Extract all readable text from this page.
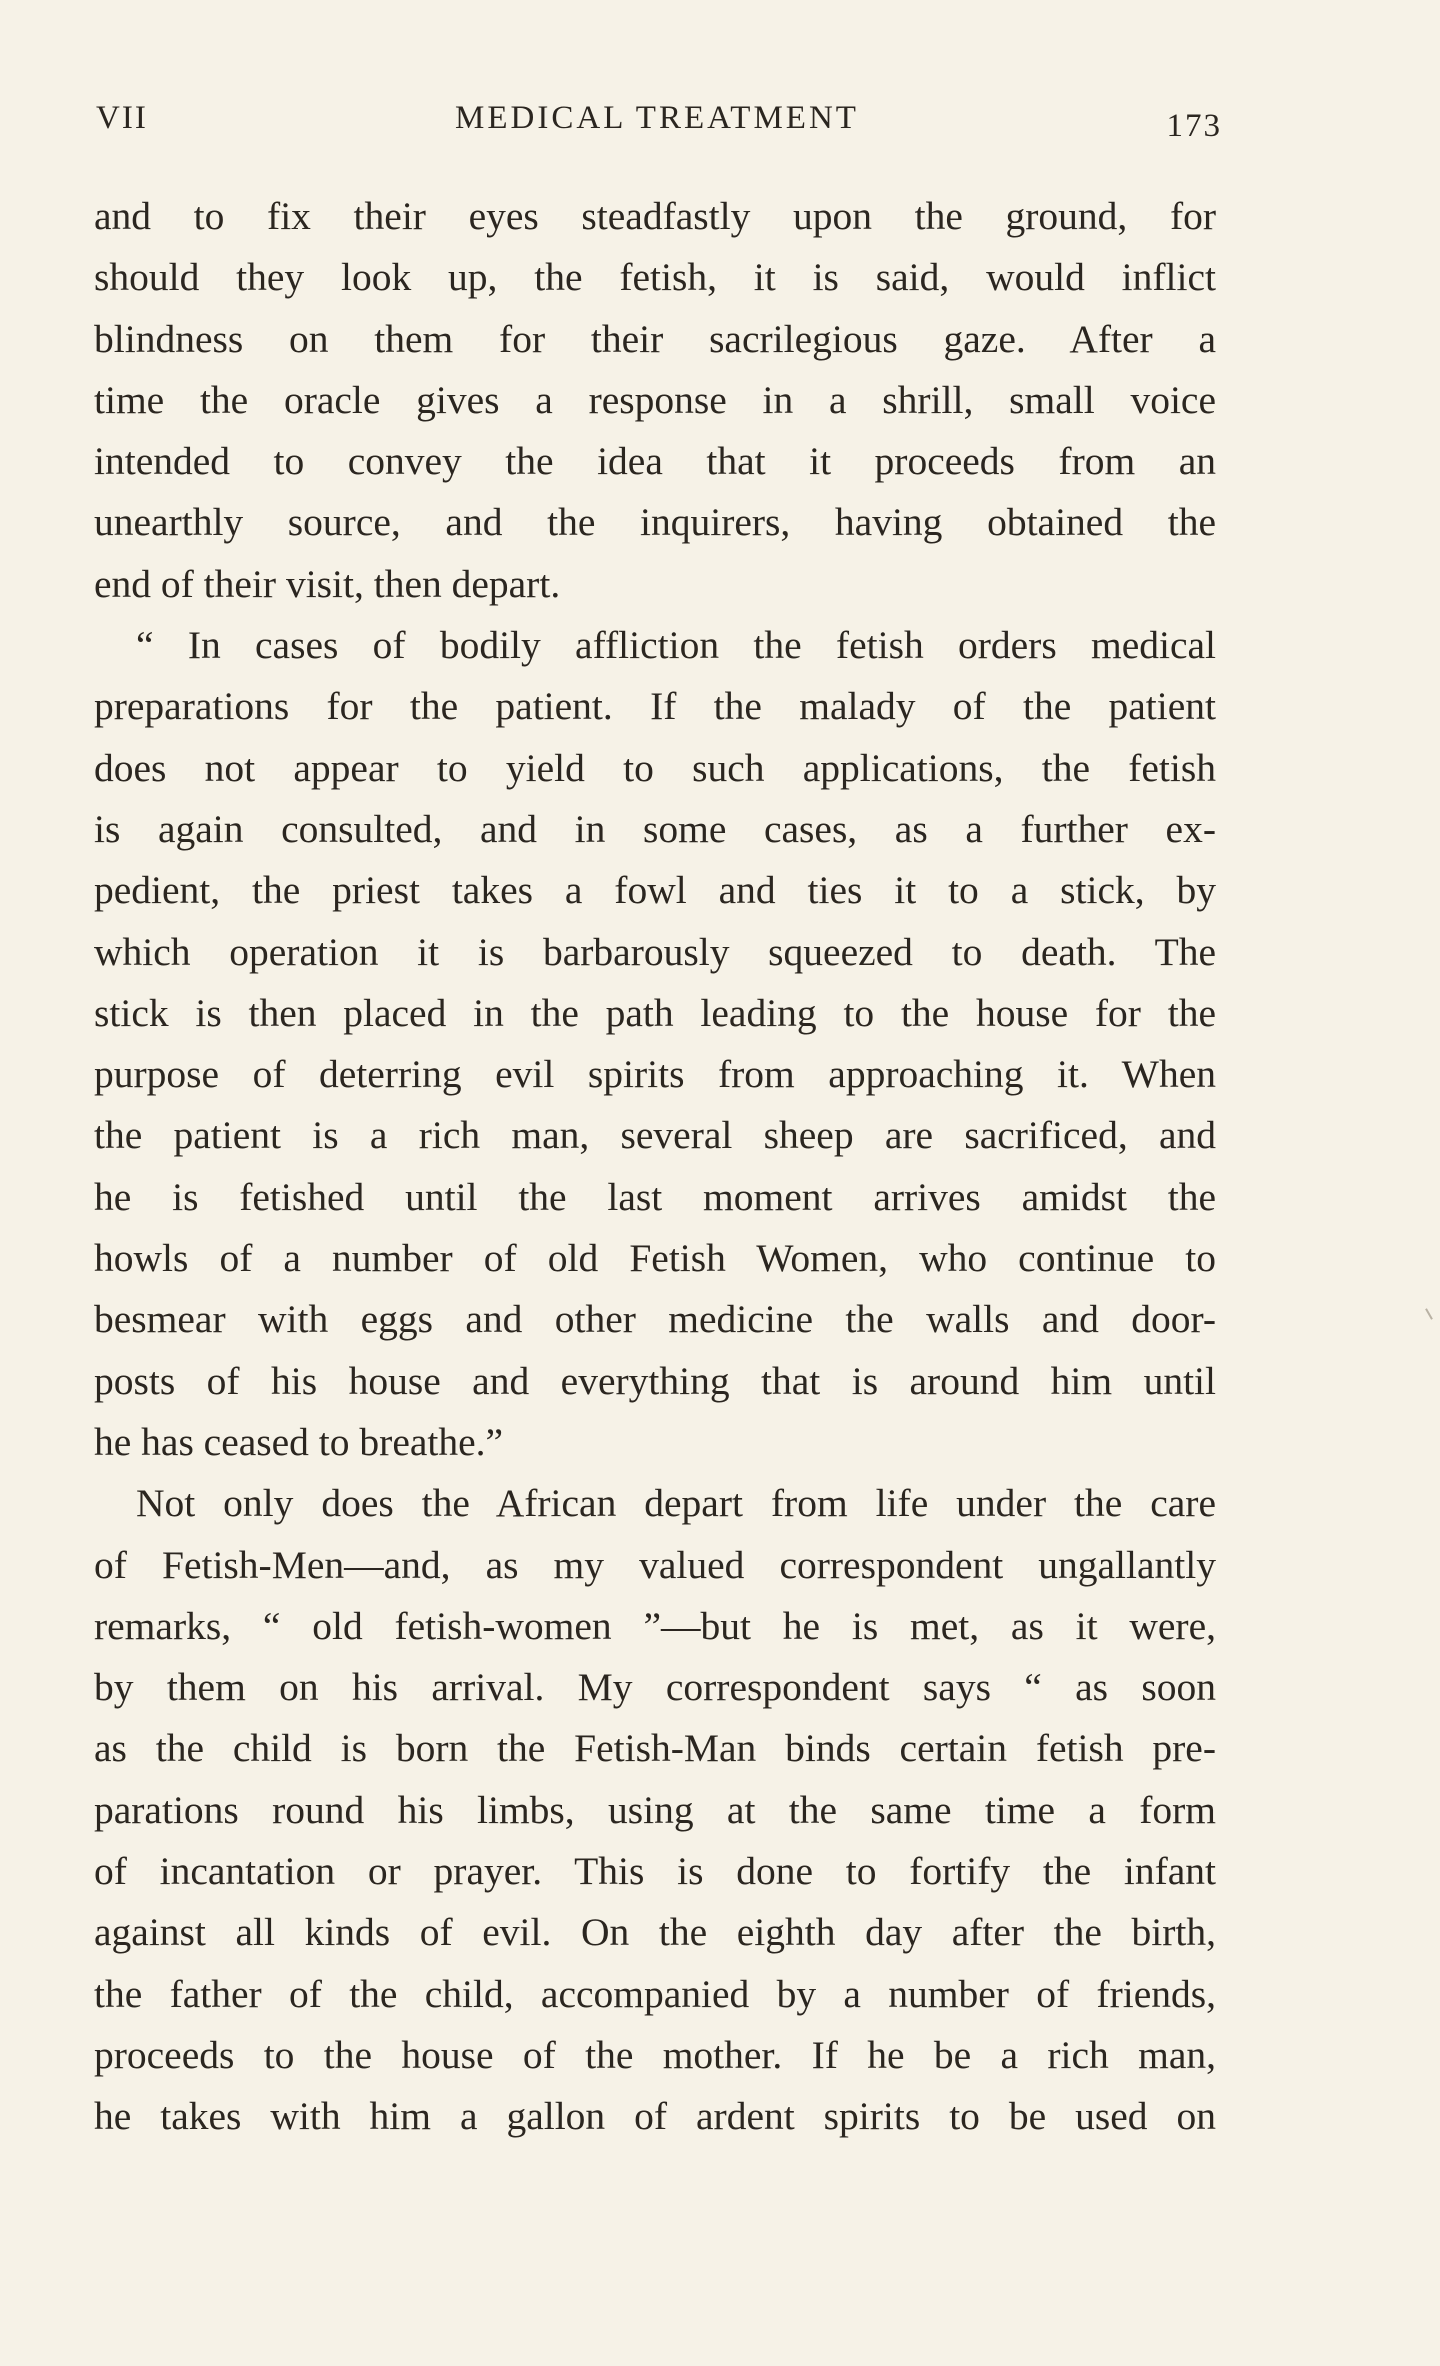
VII	MEDICAL TREATMENT	173
and to fix their eyes steadfastly upon the ground, for
should they look up, the fetish, it is said, would inflict
blindness on them for their sacrilegious gaze. After a
time the oracle gives a response in a shrill, small voice
intended to convey the idea that it proceeds from an
unearthly source, and the inquirers, having obtained the
end of their visit, then depart.
“ In cases of bodily affliction the fetish orders medical
preparations for the patient. If the malady of the patient
does not appear to yield to such applications, the fetish
is again consulted, and in some cases, as a further ex-
pedient, the priest takes a fowl and ties it to a stick, by
which operation it is barbarously squeezed to death. The
stick is then placed in the path leading to the house for the
purpose of deterring evil spirits from approaching it. When
the patient is a rich man, several sheep are sacrificed, and
he is fetished until the last moment arrives amidst the
howls of a number of old Fetish Women, who continue to
besmear with eggs and other medicine the walls and door-
posts of his house and everything that is around him until
he has ceased to breathe.”
Not only does the African depart from life under the care
of Fetish-Men—and, as my valued correspondent ungallantly
remarks, “ old fetish-women ”—but he is met, as it were,
by them on his arrival. My correspondent says “ as soon
as the child is born the Fetish-Man binds certain fetish pre-
parations round his limbs, using at the same time a form
of incantation or prayer. This is done to fortify the infant
against all kinds of evil. On the eighth day after the birth,
the father of the child, accompanied by a number of friends,
proceeds to the house of the mother. If he be a rich man,
he takes with him a gallon of ardent spirits to be used on
